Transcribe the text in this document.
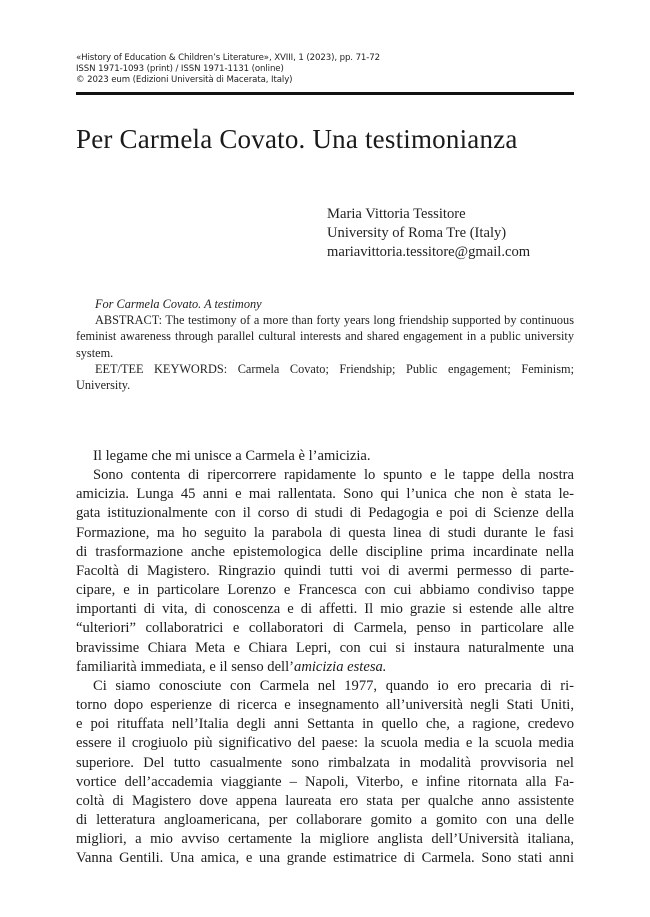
«History of Education & Children’s Literature», XVIII, 1 (2023), pp. 71-72
ISSN 1971-1093 (print) / ISSN 1971-1131 (online)
© 2023 eum (Edizioni Università di Macerata, Italy)
Per Carmela Covato. Una testimonianza
Maria Vittoria Tessitore
University of Roma Tre (Italy)
mariavittoria.tessitore@gmail.com

For Carmela Covato. A testimony

ABSTRACT: The testimony of a more than forty years long friendship supported by continuous feminist awareness through parallel cultural interests and shared engagement in a public university system.

EET/TEE KEYWORDS: Carmela Covato; Friendship; Public engagement; Feminism; University.

Il legame che mi unisce a Carmela è l’amicizia.
Sono contenta di ripercorrere rapidamente lo spunto e le tappe della nostra
amicizia. Lunga 45 anni e mai rallentata. Sono qui l’unica che non è stata le-
gata istituzionalmente con il corso di studi di Pedagogia e poi di Scienze della
Formazione, ma ho seguito la parabola di questa linea di studi durante le fasi
di trasformazione anche epistemologica delle discipline prima incardinate nella
Facoltà di Magistero. Ringrazio quindi tutti voi di avermi permesso di parte-
cipare, e in particolare Lorenzo e Francesca con cui abbiamo condiviso tappe
importanti di vita, di conoscenza e di affetti. Il mio grazie si estende alle altre
“ulteriori” collaboratrici e collaboratori di Carmela, penso in particolare alle
bravissime Chiara Meta e Chiara Lepri, con cui si instaura naturalmente una
familiarità immediata, e il senso dell’amicizia estesa.
Ci siamo conosciute con Carmela nel 1977, quando io ero precaria di ri-
torno dopo esperienze di ricerca e insegnamento all’università negli Stati Uniti,
e poi rituffata nell’Italia degli anni Settanta in quello che, a ragione, credevo
essere il crogiuolo più significativo del paese: la scuola media e la scuola media
superiore. Del tutto casualmente sono rimbalzata in modalità provvisoria nel
vortice dell’accademia viaggiante – Napoli, Viterbo, e infine ritornata alla Fa-
coltà di Magistero dove appena laureata ero stata per qualche anno assistente
di letteratura angloamericana, per collaborare gomito a gomito con una delle
migliori, a mio avviso certamente la migliore anglista dell’Università italiana,
Vanna Gentili. Una amica, e una grande estimatrice di Carmela. Sono stati anni
